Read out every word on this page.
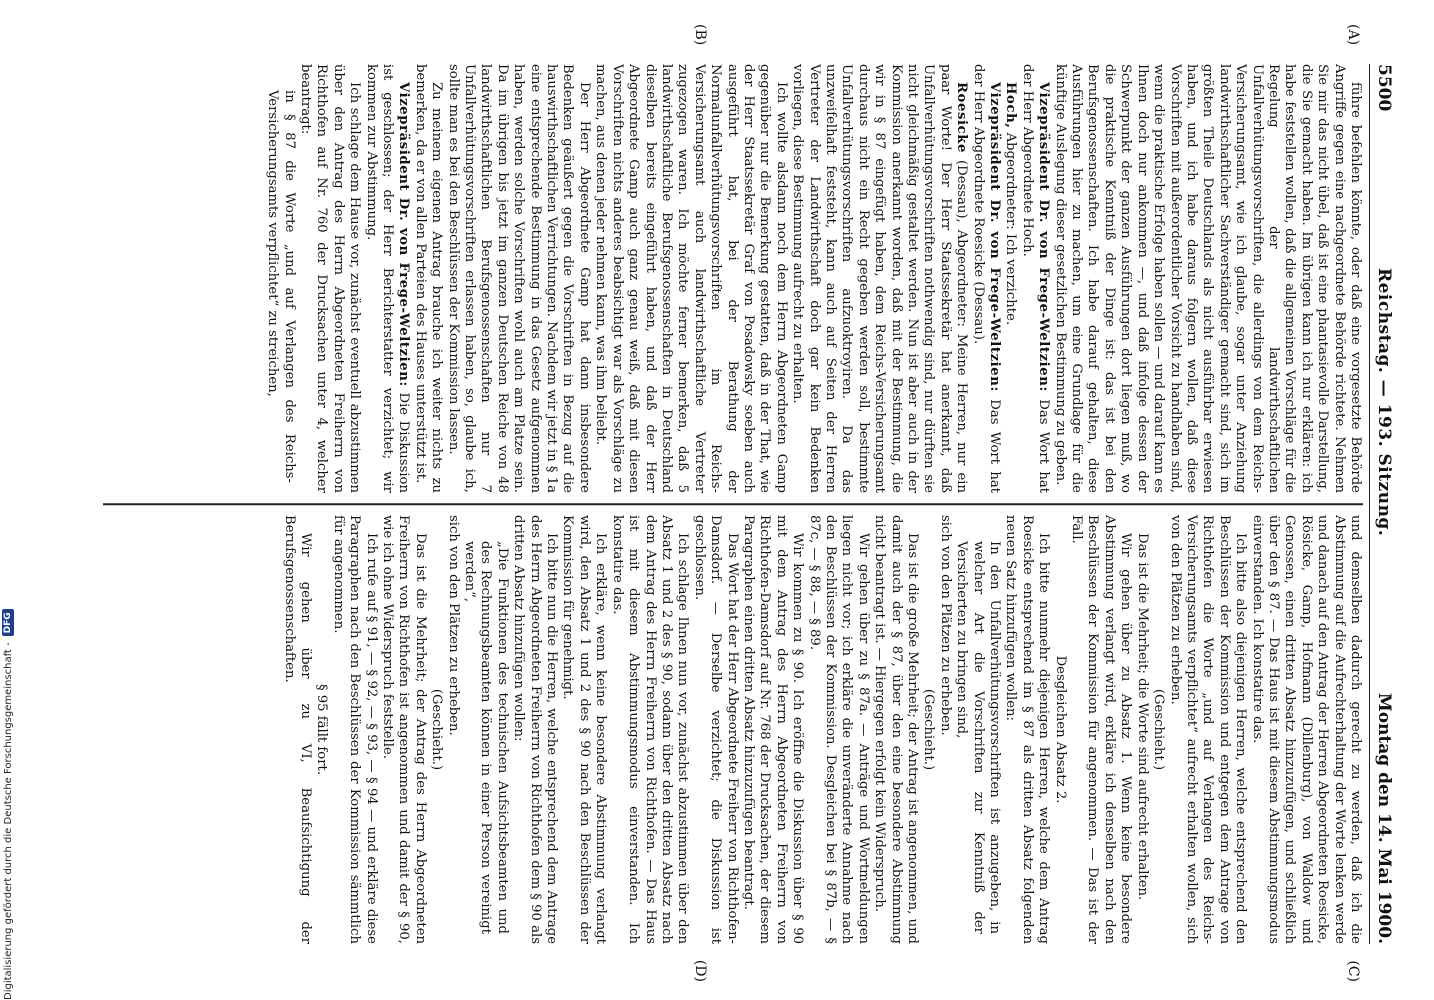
5500
Reichstag. — 193. Sitzung.
Montag den 14. Mai 1900.

führe befehlen könnte, oder daß eine vorgesetzte Behörde Angriffe gegen eine nachgeordnete Behörde richtete. Nehmen Sie mir das nicht übel, daß ist eine phantasievolle Darstellung, die Sie gemacht haben. Im übrigen kann ich nur erklären: ich habe feststellen wollen, daß die allgemeinen Vorschläge für die Regelung der landwirthschaftlichen Unfallverhütungsvorschriften, die allerdings von dem Reichs-Versicherungsamt, wie ich glaube, sogar unter Anziehung landwirthschaftlicher Sachverständiger gemacht sind, sich im größten Theile Deutschlands als nicht ausführbar erwiesen haben, und ich habe daraus folgern wollen, daß diese Vorschriften mit außerordentlicher Vorsicht zu handhaben sind, wenn die praktische Erfolge haben sollen — und darauf kann es Ihnen doch nur ankommen —, und daß infolge dessen der Schwerpunkt der ganzen Ausführungen dort liegen muß, wo die praktische Kenntniß der Dinge ist: das ist bei den Berufsgenossenschaften. Ich habe darauf gehalten, diese Ausführungen hier zu machen, um eine Grundlage für die künftige Auslegung dieser gesetzlichen Bestimmung zu geben.

Vizepräsident Dr. von Frege-Weltzien: Das Wort hat der Herr Abgeordnete Hoch.

Hoch, Abgeordneter: Ich verzichte.

Vizepräsident Dr. von Frege-Weltzien: Das Wort hat der Herr Abgeordnete Roesicke (Dessau).

Roesicke (Dessau), Abgeordneter: Meine Herren, nur ein paar Worte! Der Herr Staatssekretär hat anerkannt, daß Unfallverhütungsvorschriften nothwendig sind, nur dürften sie nicht gleichmäßig gestaltet werden. Nun ist aber auch in der Kommission anerkannt worden, daß mit der Bestimmung, die wir in § 87 eingefügt haben, dem Reichs-Versicherungsamt durchaus nicht ein Recht gegeben werden soll, bestimmte Unfallverhütungsvorschriften aufzuoktroyiren. Da das unzweifelhaft feststeht, kann auch auf Seiten der Herren Vertreter der Landwirthschaft doch gar kein Bedenken vorliegen, diese Bestimmung aufrecht zu erhalten.

Ich wollte alsdann noch dem Herrn Abgeordneten Gamp gegenüber nur die Bemerkung gestatten, daß in der That, wie der Herr Staatssekretär Graf von Posadowsky soeben auch ausgeführt hat, bei der Berathung der Normalunfallverhütungsvorschriften im Reichs-Versicherungsamt auch landwirthschaftliche Vertreter zugezogen waren. Ich möchte ferner bemerken, daß 5 landwirthschaftliche Berufsgenossenschaften in Deutschland dieselben bereits eingeführt haben, und daß der Herr Abgeordnete Gamp auch ganz genau weiß, daß mit diesen Vorschriften nichts anderes beabsichtigt war als Vorschläge zu machen, aus denen jeder nehmen kann, was ihm beliebt.

Der Herr Abgeordnete Gamp hat dann insbesondere Bedenken geäußert gegen die Vorschriften in Bezug auf die hauswirthschaftlichen Verrichtungen. Nachdem wir jetzt in § 1a eine entsprechende Bestimmung in das Gesetz aufgenommen haben, werden solche Vorschriften wohl auch am Platze sein. Da im übrigen bis jetzt im ganzen Deutschen Reiche von 48 landwirthschaftlichen Berufsgenossenschaften nur 7 Unfallverhütungsvorschriften erlassen haben, so, glaube ich, sollte man es bei den Beschlüssen der Kommission lassen.

Zu meinem eigenen Antrag brauche ich weiter nichts zu bemerken, da er von allen Parteien des Hauses unterstützt ist.

Vizepräsident Dr. von Frege-Weltzien: Die Diskussion ist geschlossen; der Herr Berichterstatter verzichtet; wir kommen zur Abstimmung.

Ich schlage dem Hause vor, zunächst eventuell abzustimmen über den Antrag des Herrn Abgeordneten Freiherrn von Richthofen auf Nr. 760 der Drucksachen unter 4, welcher beantragt:

in § 87 die Worte „und auf Verlangen des Reichs-Versicherungsamts verpflichtet“ zu streichen,

und demselben dadurch gerecht zu werden, daß ich die Abstimmung auf die Aufrechterhaltung der Worte lenken werde und danach auf den Antrag der Herren Abgeordneten Roesicke, Rösicke, Gamp, Hofmann (Dillenburg), von Waldow und Genossen, einen dritten Absatz hinzuzufügen, und schließlich über den § 87. — Das Haus ist mit diesem Abstimmungsmodus einverstanden. Ich konstatire das.

Ich bitte also diejenigen Herren, welche entsprechend den Beschlüssen der Kommission und entgegen dem Antrage von Richthofen die Worte „und auf Verlangen des Reichs-Versicherungsamts verpflichtet“ aufrecht erhalten wollen, sich von den Plätzen zu erheben.

(Geschieht.)

Das ist die Mehrheit; die Worte sind aufrecht erhalten.

Wir gehen über zu Absatz 1. Wenn keine besondere Abstimmung verlangt wird, erkläre ich denselben nach den Beschlüssen der Kommission für angenommen. — Das ist der Fall.

Desgleichen Absatz 2.

Ich bitte nunmehr diejenigen Herren, welche dem Antrag Roesicke entsprechend im § 87 als dritten Absatz folgenden neuen Satz hinzufügen wollen:

In den Unfallverhütungsvorschriften ist anzugeben, in welcher Art die Vorschriften zur Kenntniß der Versicherten zu bringen sind,

sich von den Plätzen zu erheben.

(Geschieht.)

Das ist die große Mehrheit; der Antrag ist angenommen, und damit auch der § 87, über den eine besondere Abstimmung nicht beantragt ist. — Hiergegen erfolgt kein Widerspruch.

Wir gehen über zu § 87a. — Anträge und Wortmeldungen liegen nicht vor; ich erkläre die unveränderte Annahme nach den Beschlüssen der Kommission. Desgleichen bei § 87b, — § 87c, — § 88, — § 89.

Wir kommen zu § 90. Ich eröffne die Diskussion über § 90 mit dem Antrag des Herrn Abgeordneten Freiherrn von Richthofen-Damsdorf auf Nr. 768 der Drucksachen, der diesem Paragraphen einen dritten Absatz hinzuzufügen beantragt.

Das Wort hat der Herr Abgeordnete Freiherr von Richthofen-Damsdorf. — Derselbe verzichtet; die Diskussion ist geschlossen.

Ich schlage Ihnen nun vor, zunächst abzustimmen über den Absatz 1 und 2 des § 90, sodann über den dritten Absatz nach dem Antrag des Herrn Freiherrn von Richthofen. — Das Haus ist mit diesem Abstimmungsmodus einverstanden. Ich konstatire das.

Ich erkläre, wenn keine besondere Abstimmung verlangt wird, den Absatz 1 und 2 des § 90 nach den Beschlüssen der Kommission für genehmigt.

Ich bitte nun die Herren, welche entsprechend dem Antrage des Herrn Abgeordneten Freiherrn von Richthofen dem § 90 als dritten Absatz hinzufügen wollen:

„Die Funktionen des technischen Aufsichtsbeamten und des Rechnungsbeamten können in einer Person vereinigt werden“,

sich von den Plätzen zu erheben.

(Geschieht.)

Das ist die Mehrheit; der Antrag des Herrn Abgeordneten Freiherrn von Richthofen ist angenommen und damit der § 90, wie ich ohne Widerspruch feststelle.

Ich rufe auf § 91, — § 92, — § 93, — § 94 — und erkläre diese Paragraphen nach den Beschlüssen der Kommission sämmtlich für angenommen.

§ 95 fällt fort.

Wir gehen über zu VI, Beaufsichtigung der Berufsgenossenschaften.

(A)
(B)
(C)
(D)
Digitalisierung gefördert durch die Deutsche Forschungsgemeinschaft -
DFG
